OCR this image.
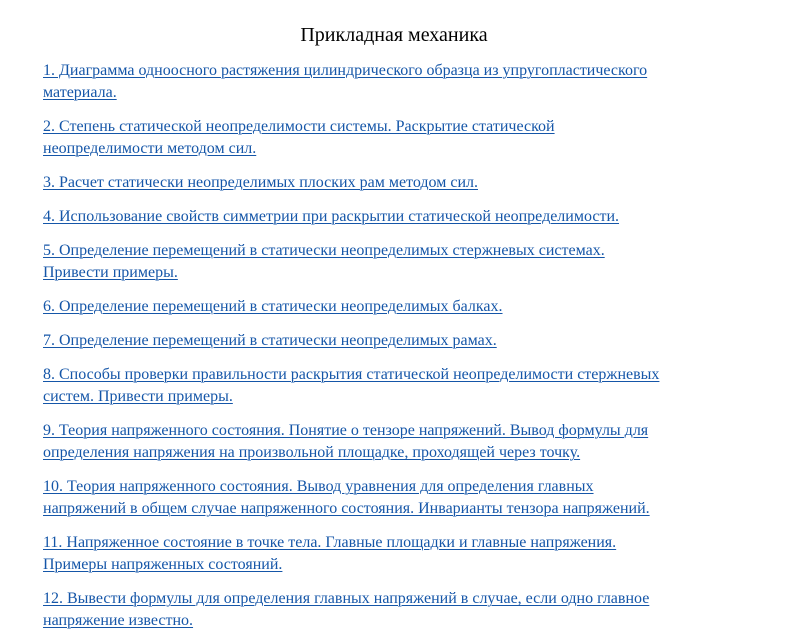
Прикладная механика
1. Диаграмма одноосного растяжения цилиндрического образца из упругопластического
материала.
2. Степень статической неопределимости системы. Раскрытие статической
неопределимости методом сил.
3. Расчет статически неопределимых плоских рам методом сил.
4. Использование свойств симметрии при раскрытии статической неопределимости.
5. Определение перемещений в статически неопределимых стержневых системах.
Привести примеры.
6. Определение перемещений в статически неопределимых балках.
7. Определение перемещений в статически неопределимых рамах.
8. Способы проверки правильности раскрытия статической неопределимости стержневых
систем. Привести примеры.
9. Теория напряженного состояния. Понятие о тензоре напряжений. Вывод формулы для
определения напряжения на произвольной площадке, проходящей через точку.
10. Теория напряженного состояния. Вывод уравнения для определения главных
напряжений в общем случае напряженного состояния. Инварианты тензора напряжений.
11. Напряженное состояние в точке тела. Главные площадки и главные напряжения.
Примеры напряженных состояний.
12. Вывести формулы для определения главных напряжений в случае, если одно главное
напряжение известно.
